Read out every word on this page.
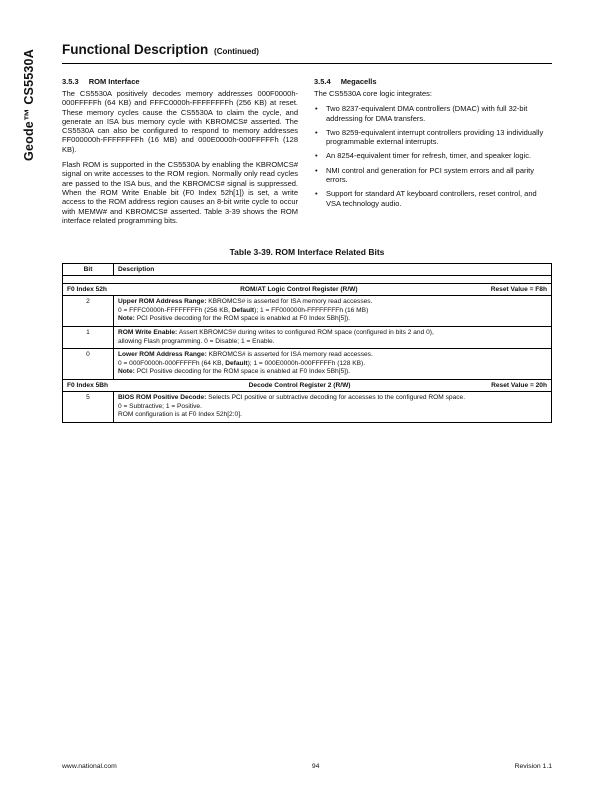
Geode™ CS5530A Functional Description (Continued)
3.5.3 ROM Interface

The CS5530A positively decodes memory addresses 000F0000h-000FFFFFh (64 KB) and FFFC0000h-FFFFFFFFh (256 KB) at reset. These memory cycles cause the CS5530A to claim the cycle, and generate an ISA bus memory cycle with KBROMCS# asserted. The CS5530A can also be configured to respond to memory addresses FF000000h-FFFFFFFFh (16 MB) and 000E0000h-000FFFFFh (128 KB).

Flash ROM is supported in the CS5530A by enabling the KBROMCS# signal on write accesses to the ROM region. Normally only read cycles are passed to the ISA bus, and the KBROMCS# signal is suppressed. When the ROM Write Enable bit (F0 Index 52h[1]) is set, a write access to the ROM address region causes an 8-bit write cycle to occur with MEMW# and KBROMCS# asserted. Table 3-39 shows the ROM interface related programming bits.

3.5.4 Megacells

The CS5530A core logic integrates:

• Two 8237-equivalent DMA controllers (DMAC) with full 32-bit addressing for DMA transfers.
• Two 8259-equivalent interrupt controllers providing 13 individually programmable external interrupts.
• An 8254-equivalent timer for refresh, timer, and speaker logic.
• NMI control and generation for PCI system errors and all parity errors.
• Support for standard AT keyboard controllers, reset control, and VSA technology audio.
Table 3-39. ROM Interface Related Bits
Bit	Description

F0 Index 52h ROM/AT Logic Control Register (R/W) Reset Value = F8h	

2	Upper ROM Address Range: KBROMCS# is asserted for ISA memory read accesses.
0 = FFFC0000h-FFFFFFFFh (256 KB, Default); 1 = FF000000h-FFFFFFFFh (16 MB)
Note: PCI Positive decoding for the ROM space is enabled at F0 Index 5Bh[5]).

1	ROM Write Enable: Assert KBROMCS# during writes to configured ROM space (configured in bits 2 and 0),
allowing Flash programming. 0 = Disable; 1 = Enable.

0	Lower ROM Address Range: KBROMCS# is asserted for ISA memory read accesses.
0 = 000F0000h-000FFFFFh (64 KB, Default); 1 = 000E0000h-000FFFFFh (128 KB).
Note: PCI Positive decoding for the ROM space is enabled at F0 Index 5Bh[5]).

F0 Index 5Bh Decode Control Register 2 (R/W) Reset Value = 20h	

5	BIOS ROM Positive Decode: Selects PCI positive or subtractive decoding for accesses to the configured ROM space.
0 = Subtractive; 1 = Positive.
ROM configuration is at F0 Index 52h[2:0].
www.national.com	94	Revision 1.1
